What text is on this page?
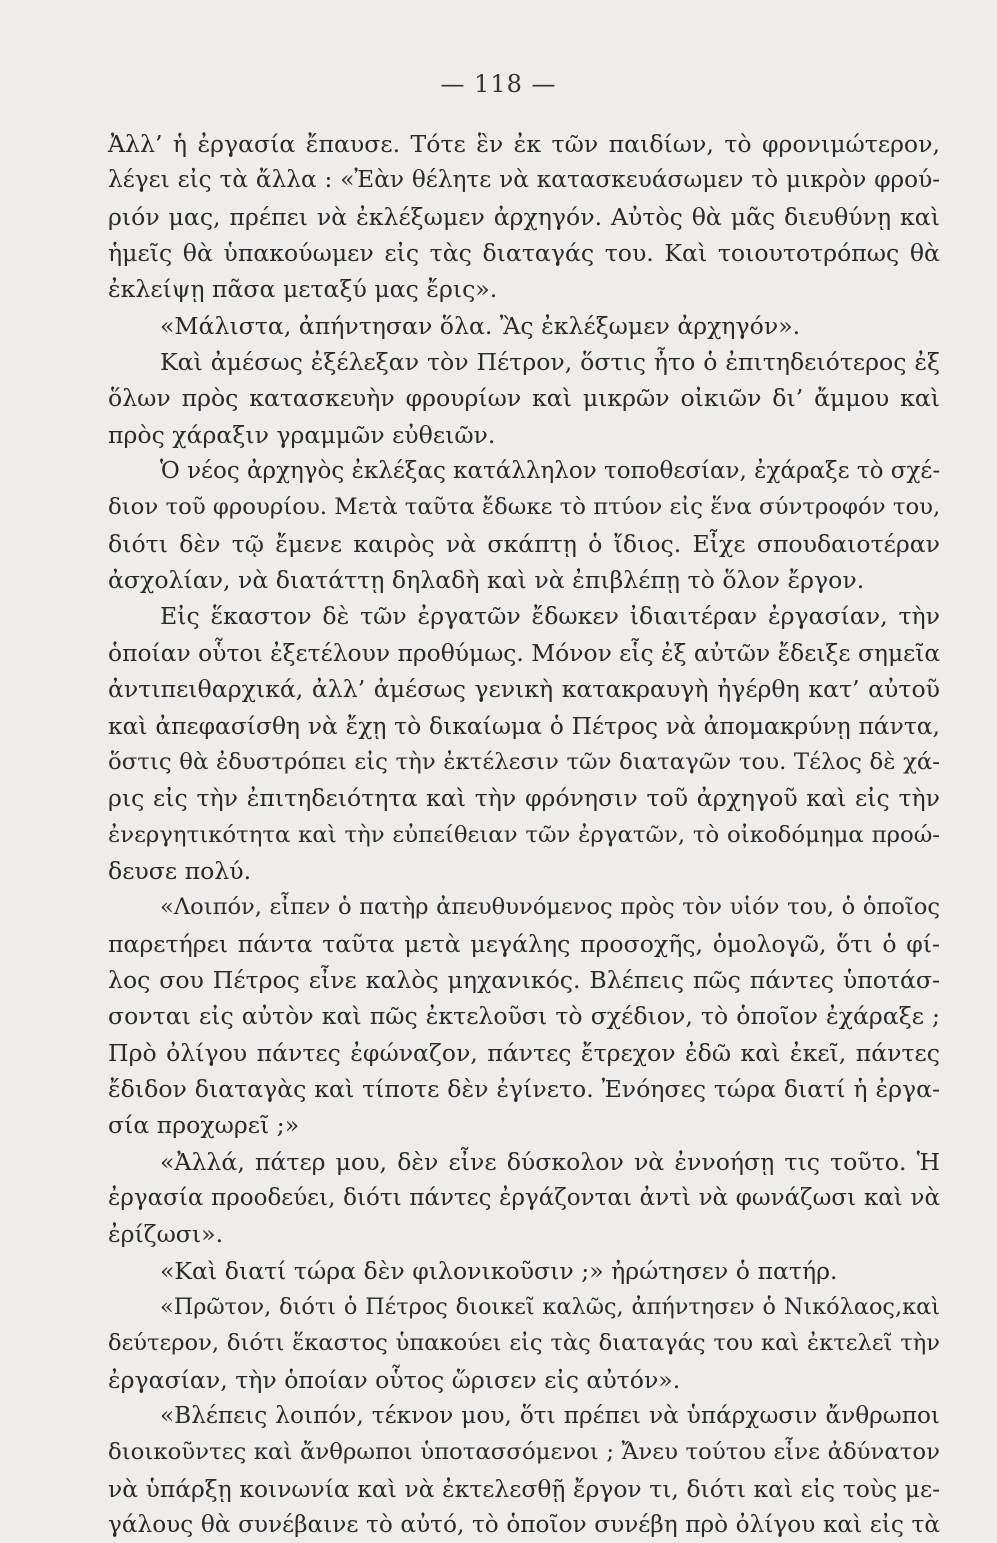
— 118 —
Ἀλλ’ ἡ ἐργασία ἔπαυσε. Τότε ἓν ἐκ τῶν παιδίων, τὸ φρονιμώτερον,
λέγει εἰς τὰ ἄλλα : «Ἐὰν θέλητε νὰ κατασκευάσωμεν τὸ μικρὸν φρού-
ριόν μας, πρέπει νὰ ἐκλέξωμεν ἀρχηγόν. Αὐτὸς θὰ μᾶς διευθύνῃ καὶ
ἡμεῖς θὰ ὑπακούωμεν εἰς τὰς διαταγάς του. Καὶ τοιουτοτρόπως θὰ
ἐκλείψῃ πᾶσα μεταξύ μας ἔρις».
«Μάλιστα, ἀπήντησαν ὅλα. Ἂς ἐκλέξωμεν ἀρχηγόν».
Καὶ ἀμέσως ἐξέλεξαν τὸν Πέτρον, ὅστις ἦτο ὁ ἐπιτηδειότερος ἐξ
ὅλων πρὸς κατασκευὴν φρουρίων καὶ μικρῶν οἰκιῶν δι’ ἄμμου καὶ
πρὸς χάραξιν γραμμῶν εὐθειῶν.
Ὁ νέος ἀρχηγὸς ἐκλέξας κατάλληλον τοποθεσίαν, ἐχάραξε τὸ σχέ-
διον τοῦ φρουρίου. Μετὰ ταῦτα ἔδωκε τὸ πτύον εἰς ἕνα σύντροφόν του,
διότι δὲν τῷ ἔμενε καιρὸς νὰ σκάπτῃ ὁ ἴδιος. Εἶχε σπουδαιοτέραν
ἀσχολίαν, νὰ διατάττῃ δηλαδὴ καὶ νὰ ἐπιβλέπῃ τὸ ὅλον ἔργον.
Εἰς ἕκαστον δὲ τῶν ἐργατῶν ἔδωκεν ἰδιαιτέραν ἐργασίαν, τὴν
ὁποίαν οὗτοι ἐξετέλουν προθύμως. Μόνον εἷς ἐξ αὐτῶν ἔδειξε σημεῖα
ἀντιπειθαρχικά, ἀλλ’ ἀμέσως γενικὴ κατακραυγὴ ἠγέρθη κατ’ αὐτοῦ
καὶ ἀπεφασίσθη νὰ ἔχῃ τὸ δικαίωμα ὁ Πέτρος νὰ ἀπομακρύνῃ πάντα,
ὅστις θὰ ἐδυστρόπει εἰς τὴν ἐκτέλεσιν τῶν διαταγῶν του. Τέλος δὲ χά-
ρις εἰς τὴν ἐπιτηδειότητα καὶ τὴν φρόνησιν τοῦ ἀρχηγοῦ καὶ εἰς τὴν
ἐνεργητικότητα καὶ τὴν εὐπείθειαν τῶν ἐργατῶν, τὸ οἰκοδόμημα προώ-
δευσε πολύ.
«Λοιπόν, εἶπεν ὁ πατὴρ ἀπευθυνόμενος πρὸς τὸν υἱόν του, ὁ ὁποῖος
παρετήρει πάντα ταῦτα μετὰ μεγάλης προσοχῆς, ὁμολογῶ, ὅτι ὁ φί-
λος σου Πέτρος εἶνε καλὸς μηχανικός. Βλέπεις πῶς πάντες ὑποτάσ-
σονται εἰς αὐτὸν καὶ πῶς ἐκτελοῦσι τὸ σχέδιον, τὸ ὁποῖον ἐχάραξε ;
Πρὸ ὀλίγου πάντες ἐφώναζον, πάντες ἔτρεχον ἐδῶ καὶ ἐκεῖ, πάντες
ἔδιδον διαταγὰς καὶ τίποτε δὲν ἐγίνετο. Ἐνόησες τώρα διατί ἡ ἐργα-
σία προχωρεῖ ;»
«Ἀλλά, πάτερ μου, δὲν εἶνε δύσκολον νὰ ἐννοήσῃ τις τοῦτο. Ἡ
ἐργασία προοδεύει, διότι πάντες ἐργάζονται ἀντὶ νὰ φωνάζωσι καὶ νὰ
ἐρίζωσι».
«Καὶ διατί τώρα δὲν φιλονικοῦσιν ;» ἠρώτησεν ὁ πατήρ.
«Πρῶτον, διότι ὁ Πέτρος διοικεῖ καλῶς, ἀπήντησεν ὁ Νικόλαος,καὶ
δεύτερον, διότι ἕκαστος ὑπακούει εἰς τὰς διαταγάς του καὶ ἐκτελεῖ τὴν
ἐργασίαν, τὴν ὁποίαν οὗτος ὥρισεν εἰς αὐτόν».
«Βλέπεις λοιπόν, τέκνον μου, ὅτι πρέπει νὰ ὑπάρχωσιν ἄνθρωποι
διοικοῦντες καὶ ἄνθρωποι ὑποτασσόμενοι ; Ἄνευ τούτου εἶνε ἀδύνατον
νὰ ὑπάρξῃ κοινωνία καὶ νὰ ἐκτελεσθῇ ἔργον τι, διότι καὶ εἰς τοὺς με-
γάλους θὰ συνέβαινε τὸ αὐτό, τὸ ὁποῖον συνέβη πρὸ ὀλίγου καὶ εἰς τὰ
